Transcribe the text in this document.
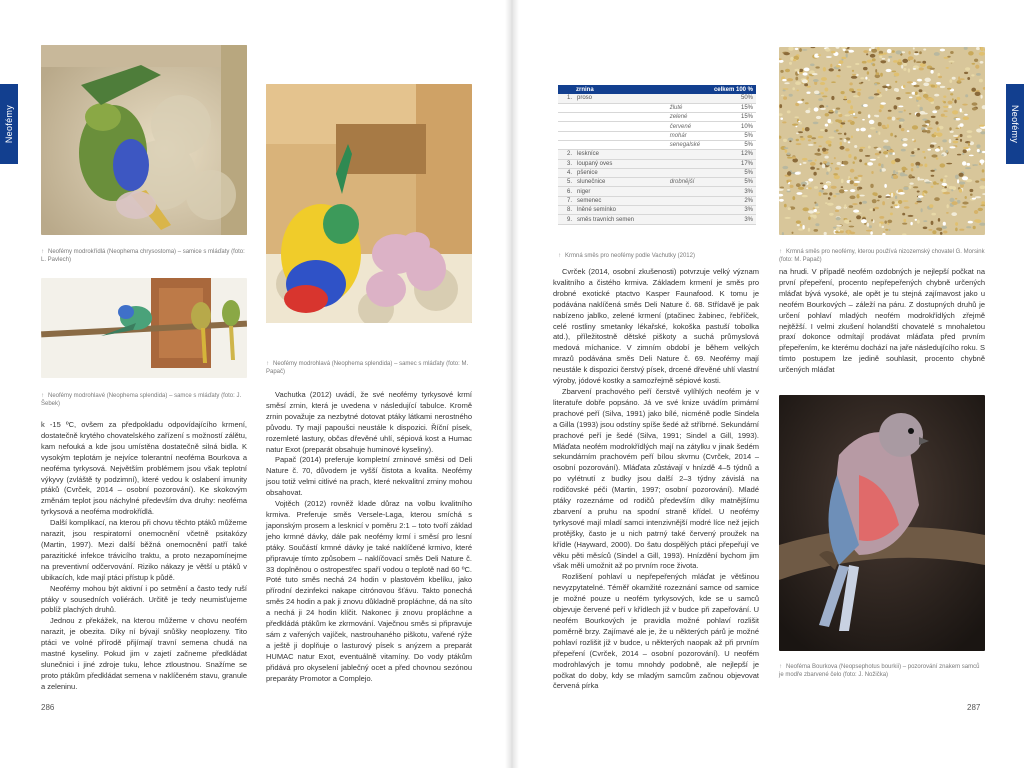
Neofémy	Neofémy
↑ Neofémy modrokřídlá (Neophema chrysostoma) – samice s mláďaty (foto: L. Pavlech)
↑ Neofémy modrohlavé (Neophema splendida) – samce s mláďaty (foto: J. Šebek)
↑ Neofémy modrohlavá (Neophema splendida) – samec s mláďaty (foto: M. Papač)

k -15 ºC, ovšem za předpokladu odpovídajícího krmení, dostatečně krytého chovatelského zařízení s možností zálětu, kam nefouká a kde jsou umístěna dostatečně silná bidla. K vysokým teplotám je nejvíce tolerantní neoféma Bourkova a neoféma tyrkysová. Největším problémem jsou však teplotní výkyvy (zvláště ty podzimní), které vedou k oslabení imunity ptáků (Cvrček, 2014 – osobní pozorování). Ke skokovým změnám teplot jsou náchylné především dva druhy: neoféma tyrkysová a neoféma modrokřídlá.

Další komplikací, na kterou při chovu těchto ptáků můžeme narazit, jsou respiratorní onemocnění včetně psitakózy (Martin, 1997). Mezi další běžná onemocnění patří také parazitické infekce trávicího traktu, a proto nezapomínejme na preventivní odčervování. Riziko nákazy je větší u ptáků v ubikacích, kde mají ptáci přístup k půdě.

Neofémy mohou být aktivní i po setmění a často tedy ruší ptáky v sousedních voliérách. Určitě je tedy neumisťujeme poblíž plachých druhů.

Jednou z překážek, na kterou můžeme v chovu neofém narazit, je obezita. Díky ní bývají snůšky neoplozeny. Tito ptáci ve volné přírodě přijímají travní semena chudá na mastné kyseliny. Pokud jim v zajetí začneme předkládat slunečnici i jiné zdroje tuku, lehce ztloustnou. Snažíme se proto ptákům předkládat semena v naklíčeném stavu, granule a zeleninu.

Vachutka (2012) uvádí, že své neofémy tyrkysové krmí směsí zrnin, která je uvedena v následující tabulce. Kromě zrnin považuje za nezbytné dotovat ptáky látkami nerostného původu. Ty mají papoušci neustále k dispozici. Říční písek, rozemleté lastury, občas dřevěné uhlí, sépiová kost a Humac natur Exot (preparát obsahuje huminové kyseliny).

Papač (2014) preferuje kompletní zrninové směsi od Deli Nature č. 70, důvodem je vyšší čistota a kvalita. Neofémy jsou totiž velmi citlivé na prach, které nekvalitní zrniny mohou obsahovat.

Vojtěch (2012) rovněž klade důraz na volbu kvalitního krmiva. Preferuje směs Versele-Laga, kterou smíchá s japonským prosem a lesknicí v poměru 2:1 – toto tvoří základ jeho krmné dávky, dále pak neofémy krmí i směsí pro lesní ptáky. Součástí krmné dávky je také naklíčené krmivo, které připravuje tímto způsobem – naklíčovací směs Deli Nature č. 33 doplněnou o ostropestřec spaří vodou o teplotě nad 60 ºC. Poté tuto směs nechá 24 hodin v plastovém kbelíku, jako přírodní dezinfekci nakape citrónovou šťávu. Takto ponechá směs 24 hodin a pak ji znovu důkladně propláchne, dá na síto a nechá ji 24 hodin klíčit. Nakonec ji znovu propláchne a předkládá ptákům ke zkrmování. Vaječnou směs si připravuje sám z vařených vajíček, nastrouhaného piškotu, vařené rýže a ještě ji doplňuje o lasturový písek s anýzem a preparát HUMAC natur Exot, eventuálně vitamíny. Do vody ptákům přidává pro okyselení jablečný ocet a před chovnou sezónou preparáty Promotor a Complejo.

286
zrnina			celkem 100 %
1.	proso		50%
		žluté	15%
		zelené	15%
		červené	10%
		mohár	5%
		senegalské	5%
2.	leskníce		12%
3.	loupaný oves		17%
4.	pšenice		5%
5.	slunečnice	drobnější	5%
6.	niger		3%
7.	semenec		2%
8.	lněné semínko		3%
9.	směs travních semen		3%
↑ Krmná směs pro neofémy podle Vachutky (2012)
↑ Krmná směs pro neofémy, kterou používá nizozemský chovatel G. Morsink (foto: M. Papač)
↑ Neoféma Bourkova (Neopsephotus bourkii) – pozorování znakem samců je modře zbarvené čelo (foto: J. Nožička)

Cvrček (2014, osobní zkušenosti) potvrzuje velký význam kvalitního a čistého krmiva. Základem krmení je směs pro drobné exotické ptactvo Kasper Faunafood. K tomu je podávána naklíčená směs Deli Nature č. 68. Střídavě je pak nabízeno jablko, zelené krmení (ptačinec žabinec, řebříček, celé rostliny smetanky lékařské, kokoška pastuší tobolka atd.), příležitostně dětské piškoty a suchá průmyslová medová míchanice. V zimním období je během velkých mrazů podávána směs Deli Nature č. 69. Neofémy mají neustále k dispozici čerstvý písek, drcené dřevěné uhlí vlastní výroby, jódové kostky a samozřejmě sépiové kosti.

Zbarvení prachového peří čerstvě vylíhlých neofém je v literatuře dobře popsáno. Já ve své knize uvádím primární prachové peří (Silva, 1991) jako bílé, nicméně podle Sindela a Gilla (1993) jsou odstíny spíše šedé až stříbrné. Sekundární prachové peří je šedé (Silva, 1991; Sindel a Gill, 1993). Mláďata neofém modrokřídlých mají na zátylku v jinak šedém sekundárním prachovém peří bílou skvrnu (Cvrček, 2014 – osobní pozorování). Mláďata zůstávají v hnízdě 4–5 týdnů a po vylétnutí z budky jsou další 2–3 týdny závislá na rodičovské péči (Martin, 1997; osobní pozorování). Mladé ptáky rozeznáme od rodičů především díky matnějšímu zbarvení a pruhu na spodní straně křídel. U neofémy tyrkysové mají mladí samci intenzivnější modré líce než jejich protějšky, často je u nich patrný také červený proužek na křídle (Hayward, 2000). Do šatu dospělých ptáci přepeřují ve věku pěti měsíců (Sindel a Gill, 1993). Hnízdění bychom jim však měli umožnit až po prvním roce života.

Rozlišení pohlaví u nepřepeřených mláďat je většinou nevyzpytatelné. Téměř okamžité rozeznání samce od samice je možné pouze u neofém tyrkysových, kde se u samců objevuje červené peří v křídlech již v budce při zapeřování. U neofém Bourkových je pravidla možné pohlaví rozlišit poměrně brzy. Zajímavé ale je, že u některých párů je možné pohlaví rozlišit již v budce, u některých naopak až při prvním přepeření (Cvrček, 2014 – osobní pozorování). U neofém modrohlavých je tomu mnohdy podobně, ale nejlepší je počkat do doby, kdy se mladým samcům začnou objevovat červená pírka

na hrudi. V případě neofém ozdobných je nejlepší počkat na první přepeření, procento nepřepeřených chybně určených mláďat bývá vysoké, ale opět je tu stejná zajímavost jako u neofém Bourkových – záleží na páru. Z dostupných druhů je určení pohlaví mladých neofém modrokřídlých zřejmě nejtěžší. I velmi zkušení holandští chovatelé s mnohaletou praxí dokonce odmítají prodávat mláďata před prvním přepeřením, ke kterému dochází na jaře následujícího roku. S tímto postupem lze jedině souhlasit, procento chybně určených mláďat

287
